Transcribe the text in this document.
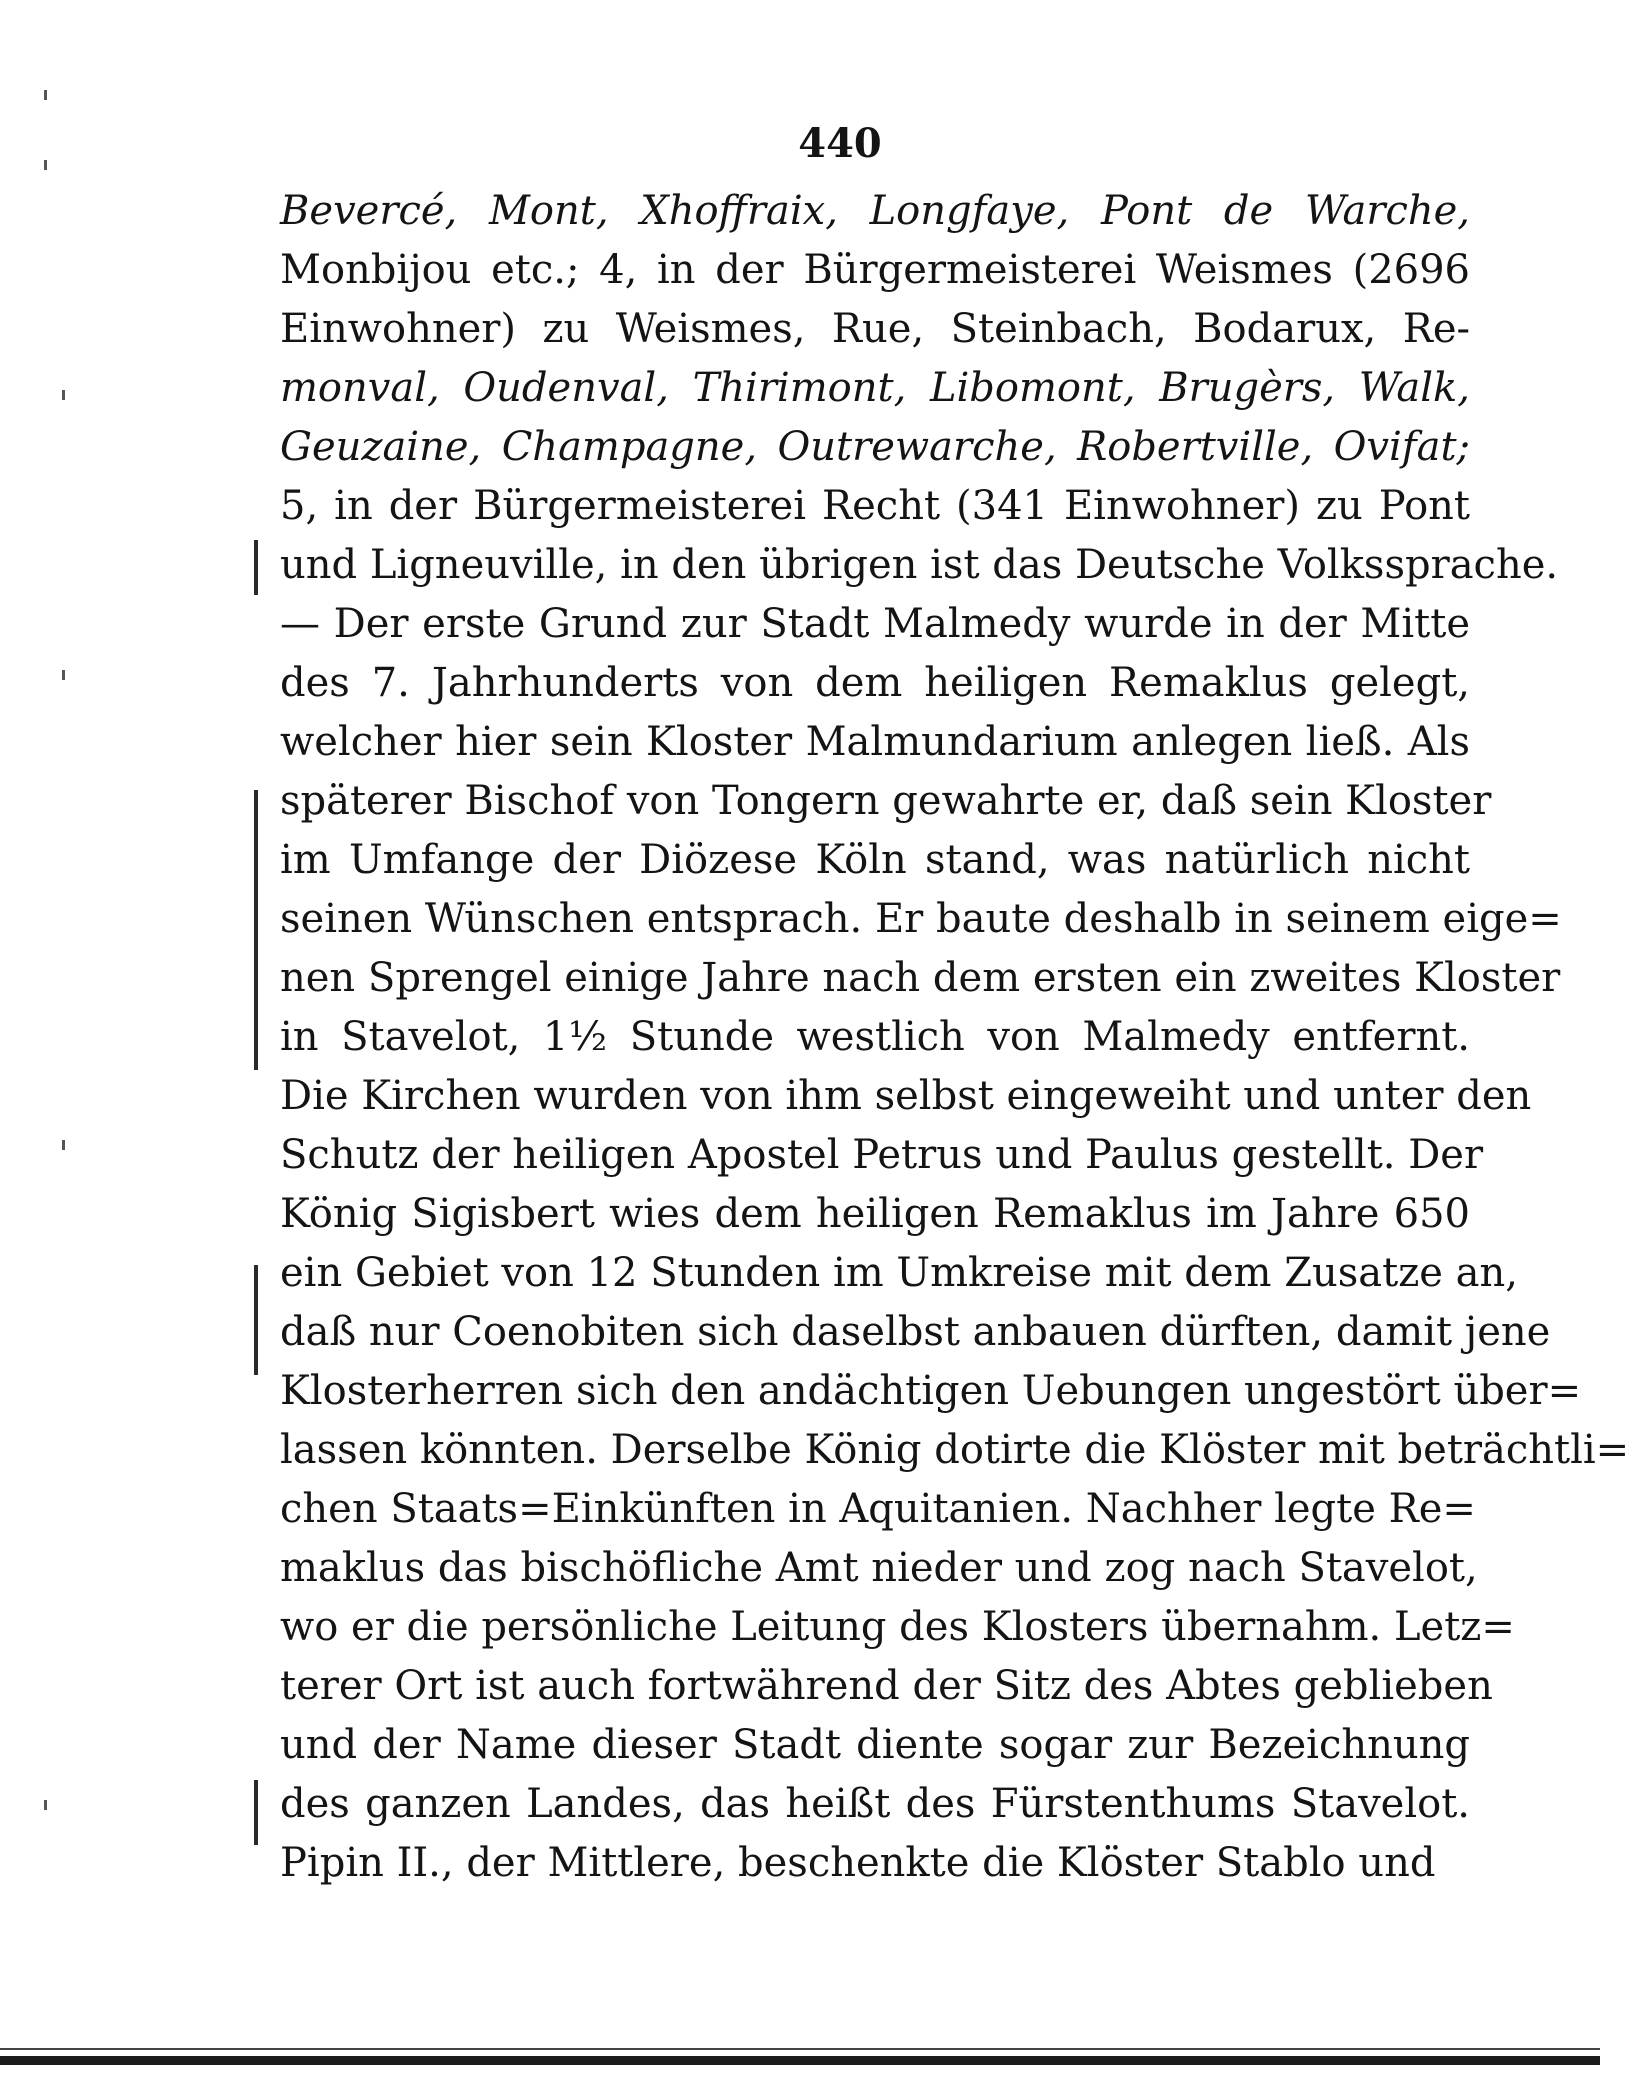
440
Bevercé, Mont, Xhoffraix, Longfaye, Pont de Warche,
Monbijou etc.; 4, in der Bürgermeisterei Weismes (2696
Einwohner) zu Weismes, Rue, Steinbach, Bodarux, Re-
monval, Oudenval, Thirimont, Libomont, Brugèrs, Walk,
Geuzaine, Champagne, Outrewarche, Robertville, Ovifat;
5, in der Bürgermeisterei Recht (341 Einwohner) zu Pont
und Ligneuville, in den übrigen ist das Deutsche Volkssprache.
— Der erste Grund zur Stadt Malmedy wurde in der Mitte
des 7. Jahrhunderts von dem heiligen Remaklus gelegt,
welcher hier sein Kloster Malmundarium anlegen ließ. Als
späterer Bischof von Tongern gewahrte er, daß sein Kloster
im Umfange der Diözese Köln stand, was natürlich nicht
seinen Wünschen entsprach. Er baute deshalb in seinem eige=
nen Sprengel einige Jahre nach dem ersten ein zweites Kloster
in Stavelot, 1½ Stunde westlich von Malmedy entfernt.
Die Kirchen wurden von ihm selbst eingeweiht und unter den
Schutz der heiligen Apostel Petrus und Paulus gestellt. Der
König Sigisbert wies dem heiligen Remaklus im Jahre 650
ein Gebiet von 12 Stunden im Umkreise mit dem Zusatze an,
daß nur Coenobiten sich daselbst anbauen dürften, damit jene
Klosterherren sich den andächtigen Uebungen ungestört über=
lassen könnten. Derselbe König dotirte die Klöster mit beträchtli=
chen Staats=Einkünften in Aquitanien. Nachher legte Re=
maklus das bischöfliche Amt nieder und zog nach Stavelot,
wo er die persönliche Leitung des Klosters übernahm. Letz=
terer Ort ist auch fortwährend der Sitz des Abtes geblieben
und der Name dieser Stadt diente sogar zur Bezeichnung
des ganzen Landes, das heißt des Fürstenthums Stavelot.
Pipin II., der Mittlere, beschenkte die Klöster Stablo und
